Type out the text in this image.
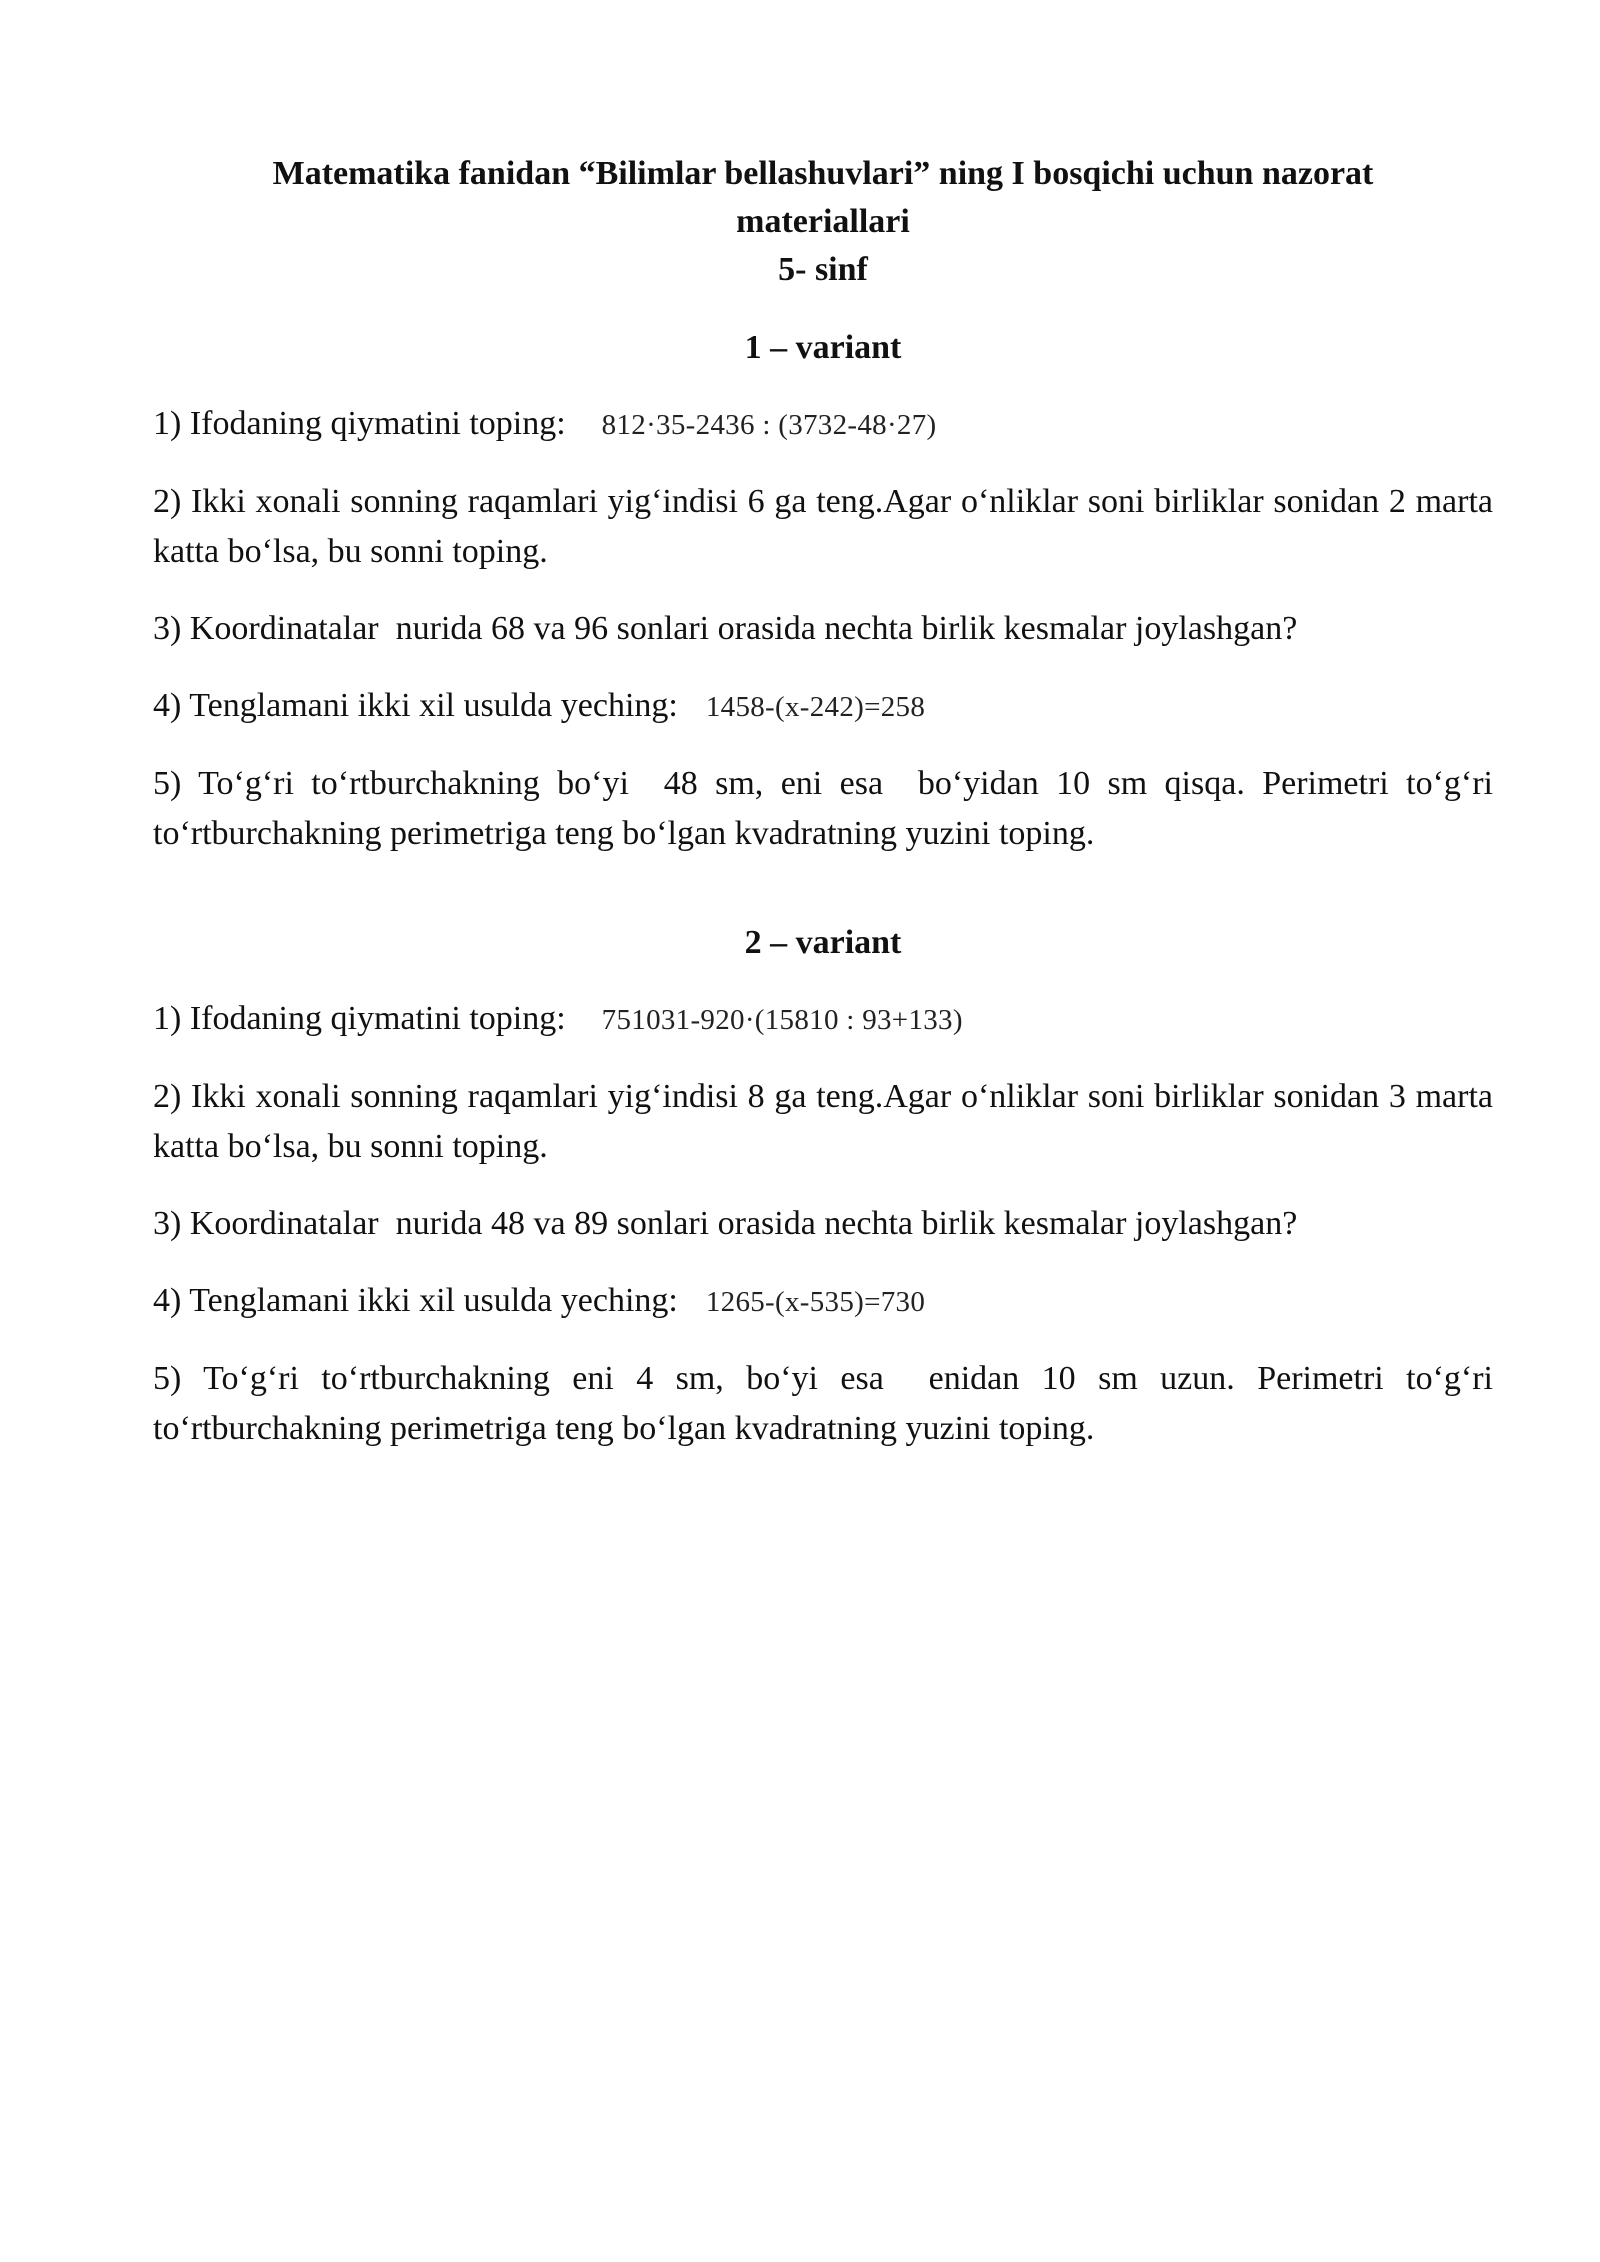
Matematika fanidan “Bilimlar bellashuvlari” ning I bosqichi uchun nazorat

materiallari

5- sinf

1 – variant

1) Ifodaning qiymatini toping: 812·35-2436 : (3732-48·27)

2) Ikki xonali sonning raqamlari yig‘indisi 6 ga teng.Agar o‘nliklar soni birliklar sonidan 2 marta katta bo‘lsa, bu sonni toping.

3) Koordinatalar  nurida 68 va 96 sonlari orasida nechta birlik kesmalar joylashgan?

4) Tenglamani ikki xil usulda yeching: 1458-(x-242)=258

5) To‘g‘ri to‘rtburchakning bo‘yi  48 sm, eni esa  bo‘yidan 10 sm qisqa. Perimetri to‘g‘ri to‘rtburchakning perimetriga teng bo‘lgan kvadratning yuzini toping.

2 – variant

1) Ifodaning qiymatini toping: 751031-920·(15810 : 93+133)

2) Ikki xonali sonning raqamlari yig‘indisi 8 ga teng.Agar o‘nliklar soni birliklar sonidan 3 marta katta bo‘lsa, bu sonni toping.

3) Koordinatalar  nurida 48 va 89 sonlari orasida nechta birlik kesmalar joylashgan?

4) Tenglamani ikki xil usulda yeching: 1265-(x-535)=730

5) To‘g‘ri to‘rtburchakning eni 4 sm, bo‘yi esa  enidan 10 sm uzun. Perimetri to‘g‘ri to‘rtburchakning perimetriga teng bo‘lgan kvadratning yuzini toping.
